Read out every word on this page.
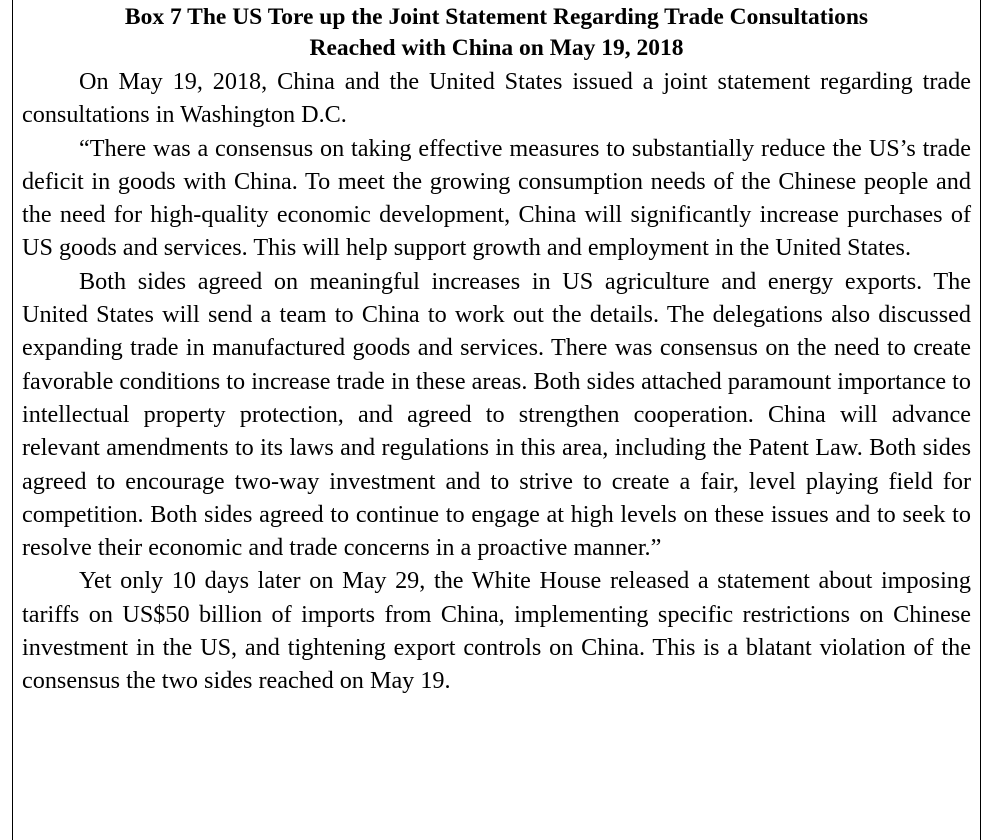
Box 7 The US Tore up the Joint Statement Regarding Trade Consultations
Reached with China on May 19, 2018

On May 19, 2018, China and the United States issued a joint statement regarding trade consultations in Washington D.C.

“There was a consensus on taking effective measures to substantially reduce the US’s trade deficit in goods with China. To meet the growing consumption needs of the Chinese people and the need for high-quality economic development, China will significantly increase purchases of US goods and services. This will help support growth and employment in the United States.

Both sides agreed on meaningful increases in US agriculture and energy exports. The United States will send a team to China to work out the details. The delegations also discussed expanding trade in manufactured goods and services. There was consensus on the need to create favorable conditions to increase trade in these areas. Both sides attached paramount importance to intellectual property protection, and agreed to strengthen cooperation. China will advance relevant amendments to its laws and regulations in this area, including the Patent Law. Both sides agreed to encourage two-way investment and to strive to create a fair, level playing field for competition. Both sides agreed to continue to engage at high levels on these issues and to seek to resolve their economic and trade concerns in a proactive manner.”

Yet only 10 days later on May 29, the White House released a statement about imposing tariffs on US$50 billion of imports from China, implementing specific restrictions on Chinese investment in the US, and tightening export controls on China. This is a blatant violation of the consensus the two sides reached on May 19.
